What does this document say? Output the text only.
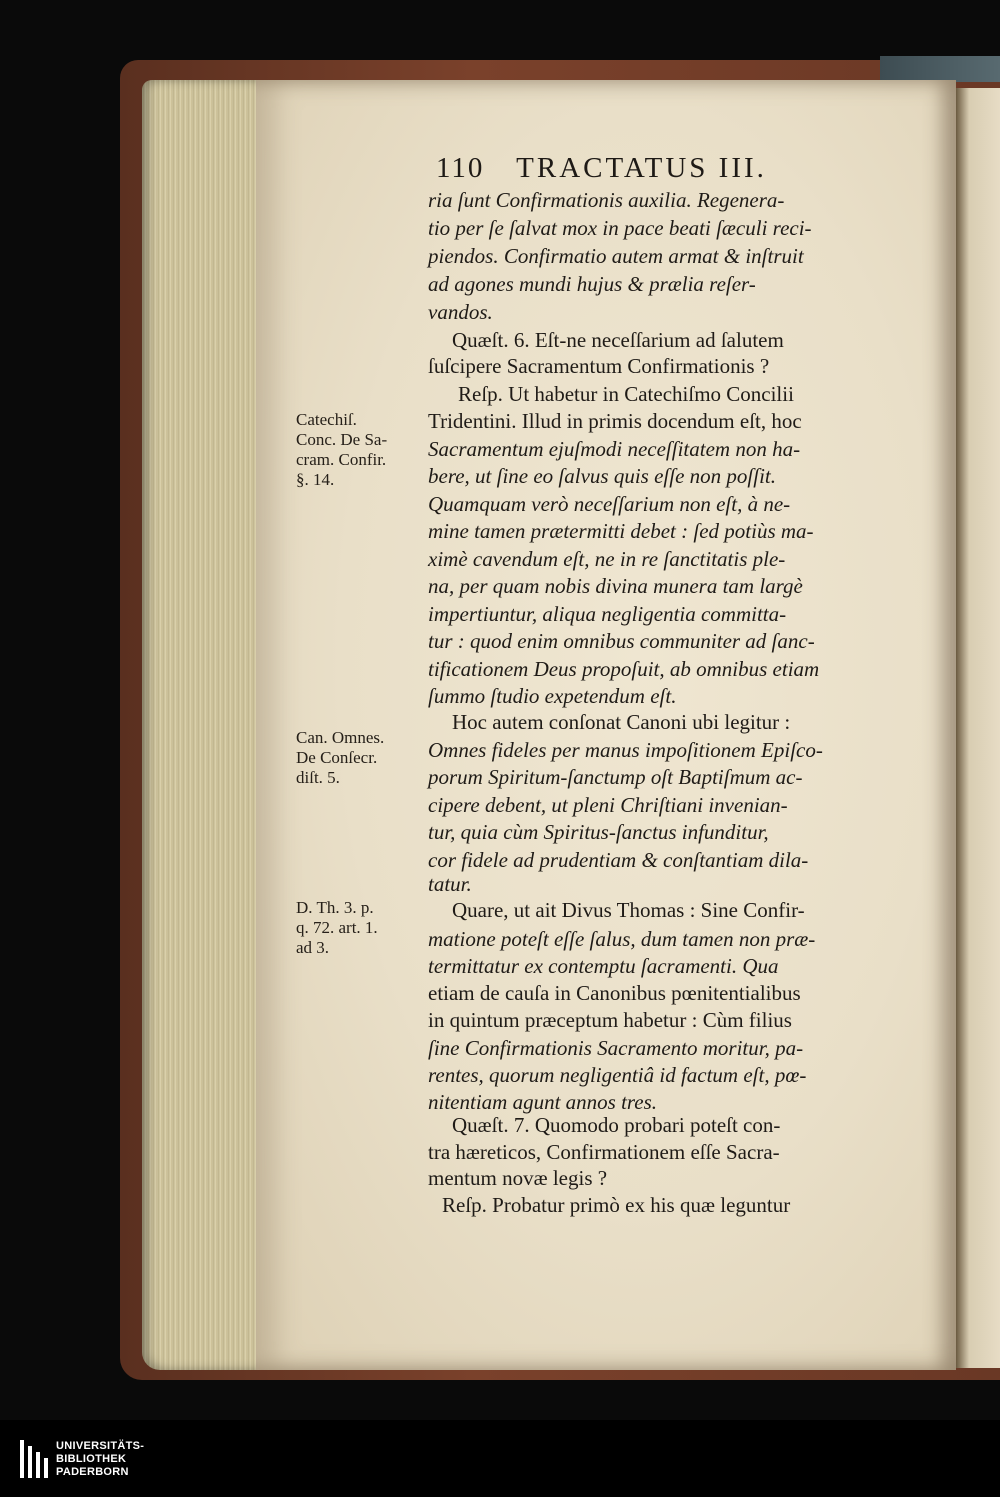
110 TRACTATUS III.
ria ſunt Confirmationis auxilia. Regenera-
tio per ſe ſalvat mox in pace beati ſæculi reci-
piendos. Confirmatio autem armat & inſtruit
ad agones mundi hujus & prælia reſer-
vandos.
Quæſt. 6. Eſt-ne neceſſarium ad ſalutem
ſuſcipere Sacramentum Confirmationis ?
Reſp. Ut habetur in Catechiſmo Concilii
Tridentini. Illud in primis docendum eſt, hoc
Sacramentum ejuſmodi neceſſitatem non ha-
bere, ut ſine eo ſalvus quis eſſe non poſſit.
Quamquam verò neceſſarium non eſt, à ne-
mine tamen prætermitti debet : ſed potiùs ma-
ximè cavendum eſt, ne in re ſanctitatis ple-
na, per quam nobis divina munera tam largè
impertiuntur, aliqua negligentia committa-
tur : quod enim omnibus communiter ad ſanc-
tificationem Deus propoſuit, ab omnibus etiam
ſummo ſtudio expetendum eſt.
Hoc autem conſonat Canoni ubi legitur :
Omnes fideles per manus impoſitionem Epiſco-
porum Spiritum-ſanctump oſt Baptiſmum ac-
cipere debent, ut pleni Chriſtiani invenian-
tur, quia cùm Spiritus-ſanctus infunditur,
cor fidele ad prudentiam & conſtantiam dila-
tatur.
Quare, ut ait Divus Thomas : Sine Confir-
matione poteſt eſſe ſalus, dum tamen non præ-
termittatur ex contemptu ſacramenti. Qua
etiam de cauſa in Canonibus pœnitentialibus
in quintum præceptum habetur : Cùm filius
ſine Confirmationis Sacramento moritur, pa-
rentes, quorum negligentiâ id factum eſt, pœ-
nitentiam agunt annos tres.
Quæſt. 7. Quomodo probari poteſt con-
tra hæreticos, Confirmationem eſſe Sacra-
mentum novæ legis ?
Reſp. Probatur primò ex his quæ leguntur
Catechiſ.
Conc. De Sa-
cram. Confir.
§. 14.
Can. Omnes.
De Conſecr.
diſt. 5.
D. Th. 3. p.
q. 72. art. 1.
ad 3.
UNIVERSITÄTS-
BIBLIOTHEK
PADERBORN
